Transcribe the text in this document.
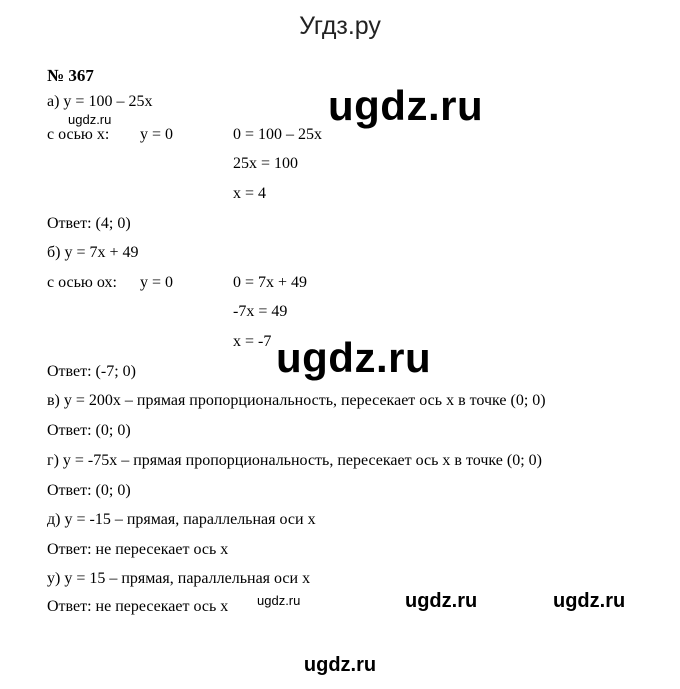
Угдз.ру
№ 367
а) y = 100 – 25x
ugdz.ru
с осью x: y = 0	0 = 100 – 25x
25x = 100
x = 4
Ответ: (4; 0)
ugdz.ru
б) y = 7x + 49
с осью ох: y = 0	0 = 7x + 49
-7x = 49
x = -7 ugdz.ru
Ответ: (-7; 0)
в) y = 200x – прямая пропорциональность, пересекает ось x в точке (0; 0)
Ответ: (0; 0)
г) y = -75x – прямая пропорциональность, пересекает ось x в точке (0; 0)
Ответ: (0; 0)
д) y = -15 – прямая, параллельная оси x
Ответ: не пересекает ось x
у) y = 15 – прямая, параллельная оси x
Ответ: не пересекает ось x ugdz.ru	ugdz.ru	ugdz.ru
ugdz.ru
